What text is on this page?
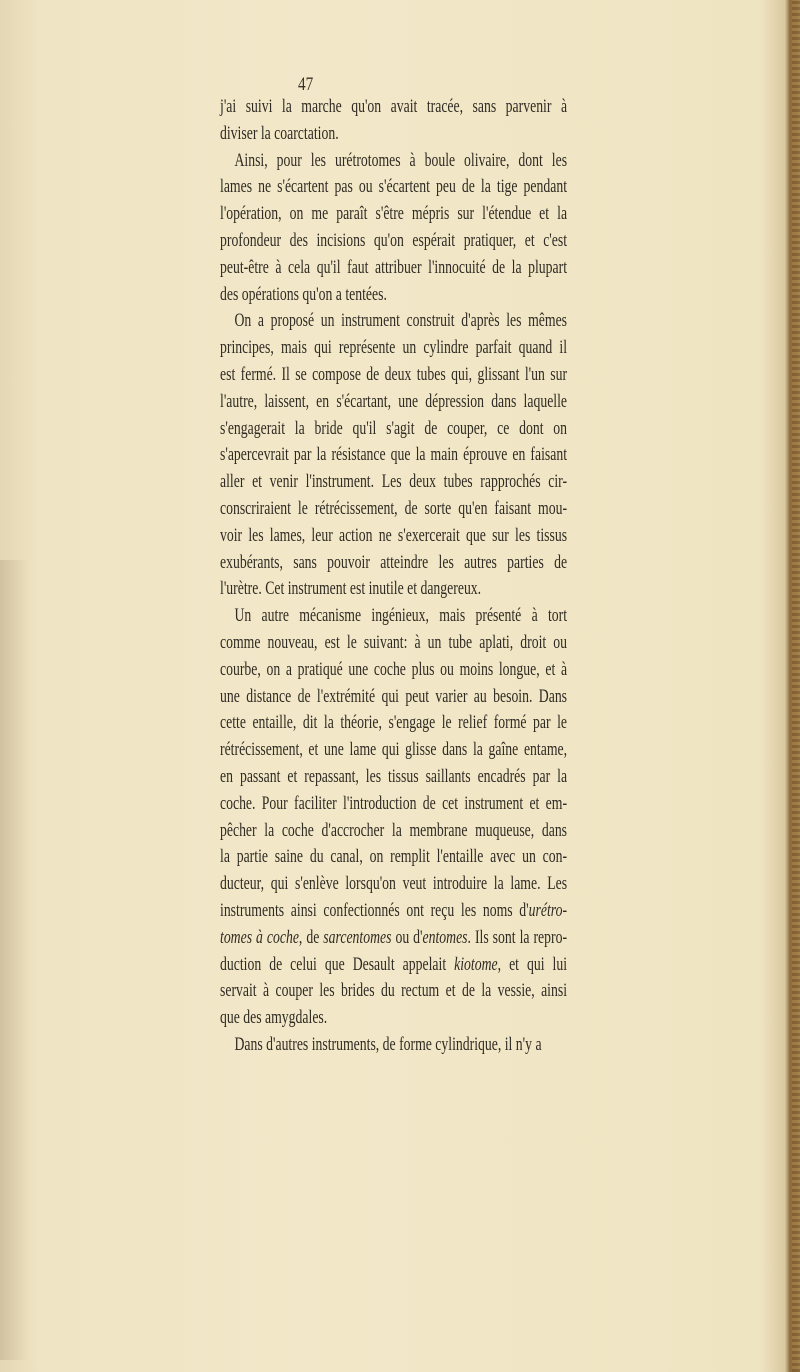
47
j'ai suivi la marche qu'on avait tracée, sans parvenir à
diviser la coarctation.
Ainsi, pour les urétrotomes à boule olivaire, dont les
lames ne s'écartent pas ou s'écartent peu de la tige pendant
l'opération, on me paraît s'être mépris sur l'étendue et la
profondeur des incisions qu'on espérait pratiquer, et c'est
peut-être à cela qu'il faut attribuer l'innocuité de la plupart
des opérations qu'on a tentées.
On a proposé un instrument construit d'après les mêmes
principes, mais qui représente un cylindre parfait quand il
est fermé. Il se compose de deux tubes qui, glissant l'un sur
l'autre, laissent, en s'écartant, une dépression dans laquelle
s'engagerait la bride qu'il s'agit de couper, ce dont on
s'apercevrait par la résistance que la main éprouve en faisant
aller et venir l'instrument. Les deux tubes rapprochés cir-
conscriraient le rétrécissement, de sorte qu'en faisant mou-
voir les lames, leur action ne s'exercerait que sur les tissus
exubérants, sans pouvoir atteindre les autres parties de
l'urètre. Cet instrument est inutile et dangereux.
Un autre mécanisme ingénieux, mais présenté à tort
comme nouveau, est le suivant: à un tube aplati, droit ou
courbe, on a pratiqué une coche plus ou moins longue, et à
une distance de l'extrémité qui peut varier au besoin. Dans
cette entaille, dit la théorie, s'engage le relief formé par le
rétrécissement, et une lame qui glisse dans la gaîne entame,
en passant et repassant, les tissus saillants encadrés par la
coche. Pour faciliter l'introduction de cet instrument et em-
pêcher la coche d'accrocher la membrane muqueuse, dans
la partie saine du canal, on remplit l'entaille avec un con-
ducteur, qui s'enlève lorsqu'on veut introduire la lame. Les
instruments ainsi confectionnés ont reçu les noms d'urétro-
tomes à coche, de sarcentomes ou d'entomes. Ils sont la repro-
duction de celui que Desault appelait kiotome, et qui lui
servait à couper les brides du rectum et de la vessie, ainsi
que des amygdales.
Dans d'autres instruments, de forme cylindrique, il n'y a
